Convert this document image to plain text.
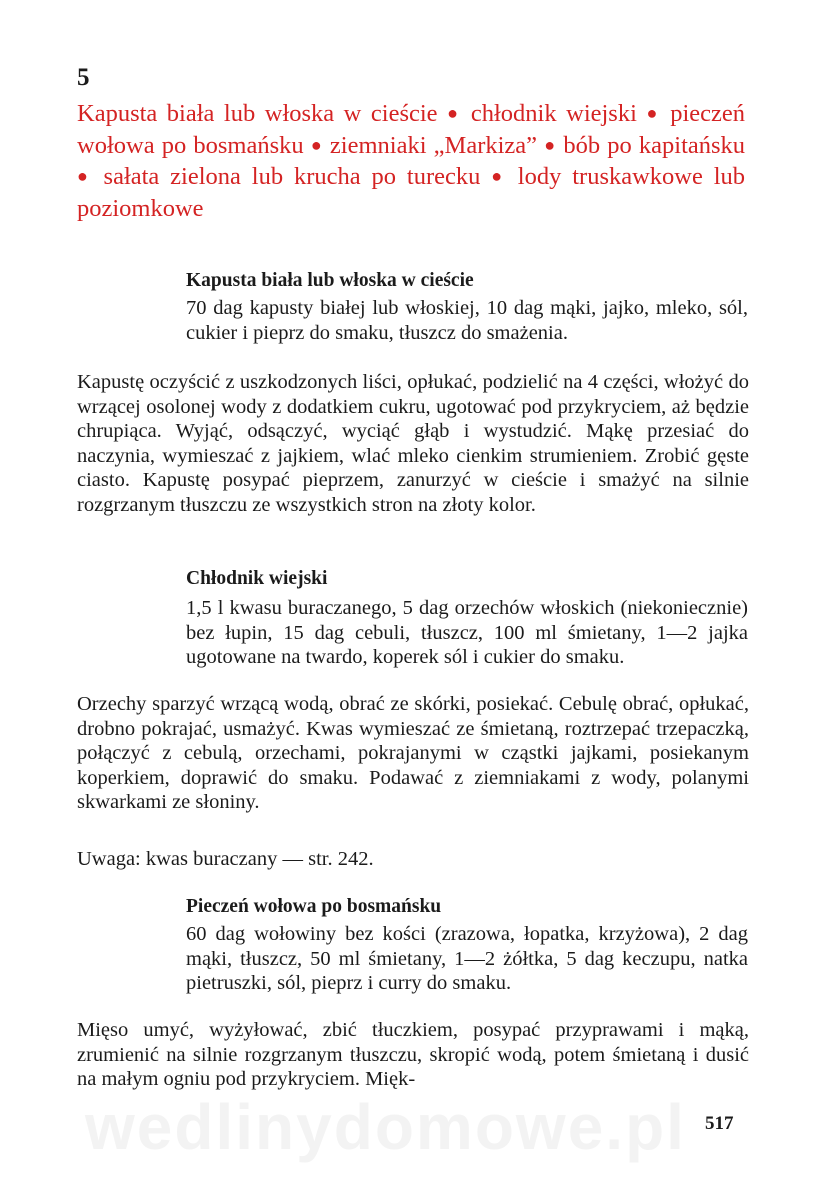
5
Kapusta biała lub włoska w cieście ● chłodnik wiejski ● pieczeń wołowa po bosmańsku ● ziemniaki „Markiza” ● bób po kapitańsku ● sałata zielona lub krucha po turecku ● lody truskawkowe lub poziomkowe
Kapusta biała lub włoska w cieście
70 dag kapusty białej lub włoskiej, 10 dag mąki, jajko, mleko, sól, cukier i pieprz do smaku, tłuszcz do smażenia.
Kapustę oczyścić z uszkodzonych liści, opłukać, podzielić na 4 części, włożyć do wrzącej osolonej wody z dodatkiem cukru, ugotować pod przykryciem, aż będzie chrupiąca. Wyjąć, odsączyć, wyciąć głąb i wystudzić. Mąkę przesiać do naczynia, wymieszać z jajkiem, wlać mleko cienkim strumieniem. Zrobić gęste ciasto. Kapustę posypać pieprzem, zanurzyć w cieście i smażyć na silnie rozgrzanym tłuszczu ze wszystkich stron na złoty kolor.
Chłodnik wiejski
1,5 l kwasu buraczanego, 5 dag orzechów włoskich (niekoniecznie) bez łupin, 15 dag cebuli, tłuszcz, 100 ml śmietany, 1—2 jajka ugotowane na twardo, koperek sól i cukier do smaku.
Orzechy sparzyć wrzącą wodą, obrać ze skórki, posiekać. Cebulę obrać, opłukać, drobno pokrajać, usmażyć. Kwas wymieszać ze śmietaną, roztrzepać trzepaczką, połączyć z cebulą, orzechami, pokrajanymi w cząstki jajkami, posiekanym koperkiem, doprawić do smaku. Podawać z ziemniakami z wody, polanymi skwarkami ze słoniny.
Uwaga: kwas buraczany — str. 242.
Pieczeń wołowa po bosmańsku
60 dag wołowiny bez kości (zrazowa, łopatka, krzyżowa), 2 dag mąki, tłuszcz, 50 ml śmietany, 1—2 żółtka, 5 dag keczupu, natka pietruszki, sól, pieprz i curry do smaku.
Mięso umyć, wyżyłować, zbić tłuczkiem, posypać przyprawami i mąką, zrumienić na silnie rozgrzanym tłuszczu, skropić wodą, potem śmietaną i dusić na małym ogniu pod przykryciem. Mięk-
wedlinydomowe.pl 517
